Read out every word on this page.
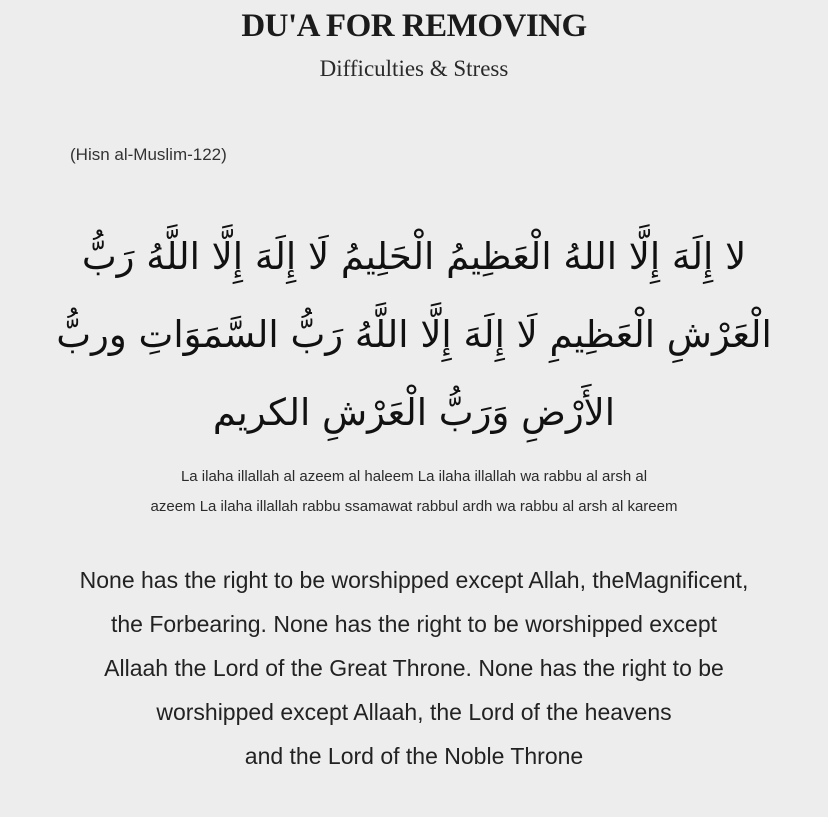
DU'A FOR REMOVING
Difficulties & Stress
(Hisn al-Muslim-122)
لا إِلَهَ إِلَّا اللهُ الْعَظِيمُ الْحَلِيمُ لَا إِلَهَ إِلَّا اللَّهُ رَبُّ
الْعَرْشِ الْعَظِيمِ لَا إِلَهَ إِلَّا اللَّهُ رَبُّ السَّمَوَاتِ وربُّ
الأَرْضِ وَرَبُّ الْعَرْشِ الكريم
La ilaha illallah al azeem al haleem La ilaha illallah wa rabbu al arsh al
azeem La ilaha illallah rabbu ssamawat rabbul ardh wa rabbu al arsh al kareem
None has the right to be worshipped except Allah, theMagnificent,
the Forbearing. None has the right to be worshipped except
Allaah the Lord of the Great Throne. None has the right to be
worshipped except Allaah, the Lord of the heavens
and the Lord of the Noble Throne
